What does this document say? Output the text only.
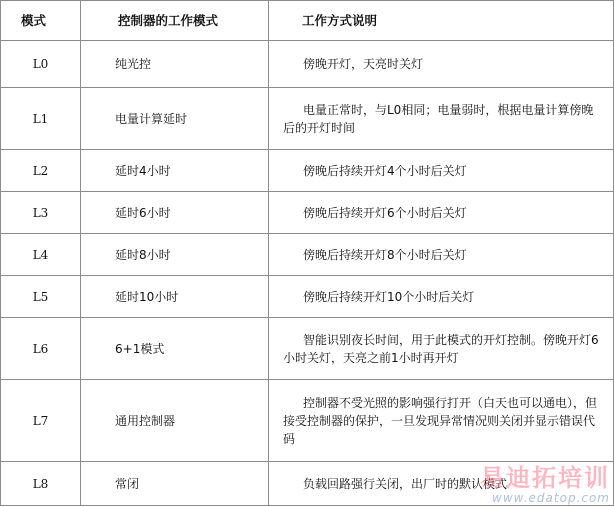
模式	控制器的工作模式	工作方式说明
L0	纯光控	傍晚开灯，天亮时关灯
L1	电量计算延时	电量正常时，与L0相同；电量弱时，根据电量计算傍晚后的开灯时间
L2	延时4小时	傍晚后持续开灯4个小时后关灯
L3	延时6小时	傍晚后持续开灯6个小时后关灯
L4	延时8小时	傍晚后持续开灯8个小时后关灯
L5	延时10小时	傍晚后持续开灯10个小时后关灯
L6	6+1模式	智能识别夜长时间，用于此模式的开灯控制。傍晚开灯6小时关灯，天亮之前1小时再开灯
L7	通用控制器	控制器不受光照的影响强行打开（白天也可以通电），但接受控制器的保护，一旦发现异常情况则关闭并显示错误代码
L8	常闭	负载回路强行关闭，出厂时的默认模式
易迪拓培训
www.edatop.com
